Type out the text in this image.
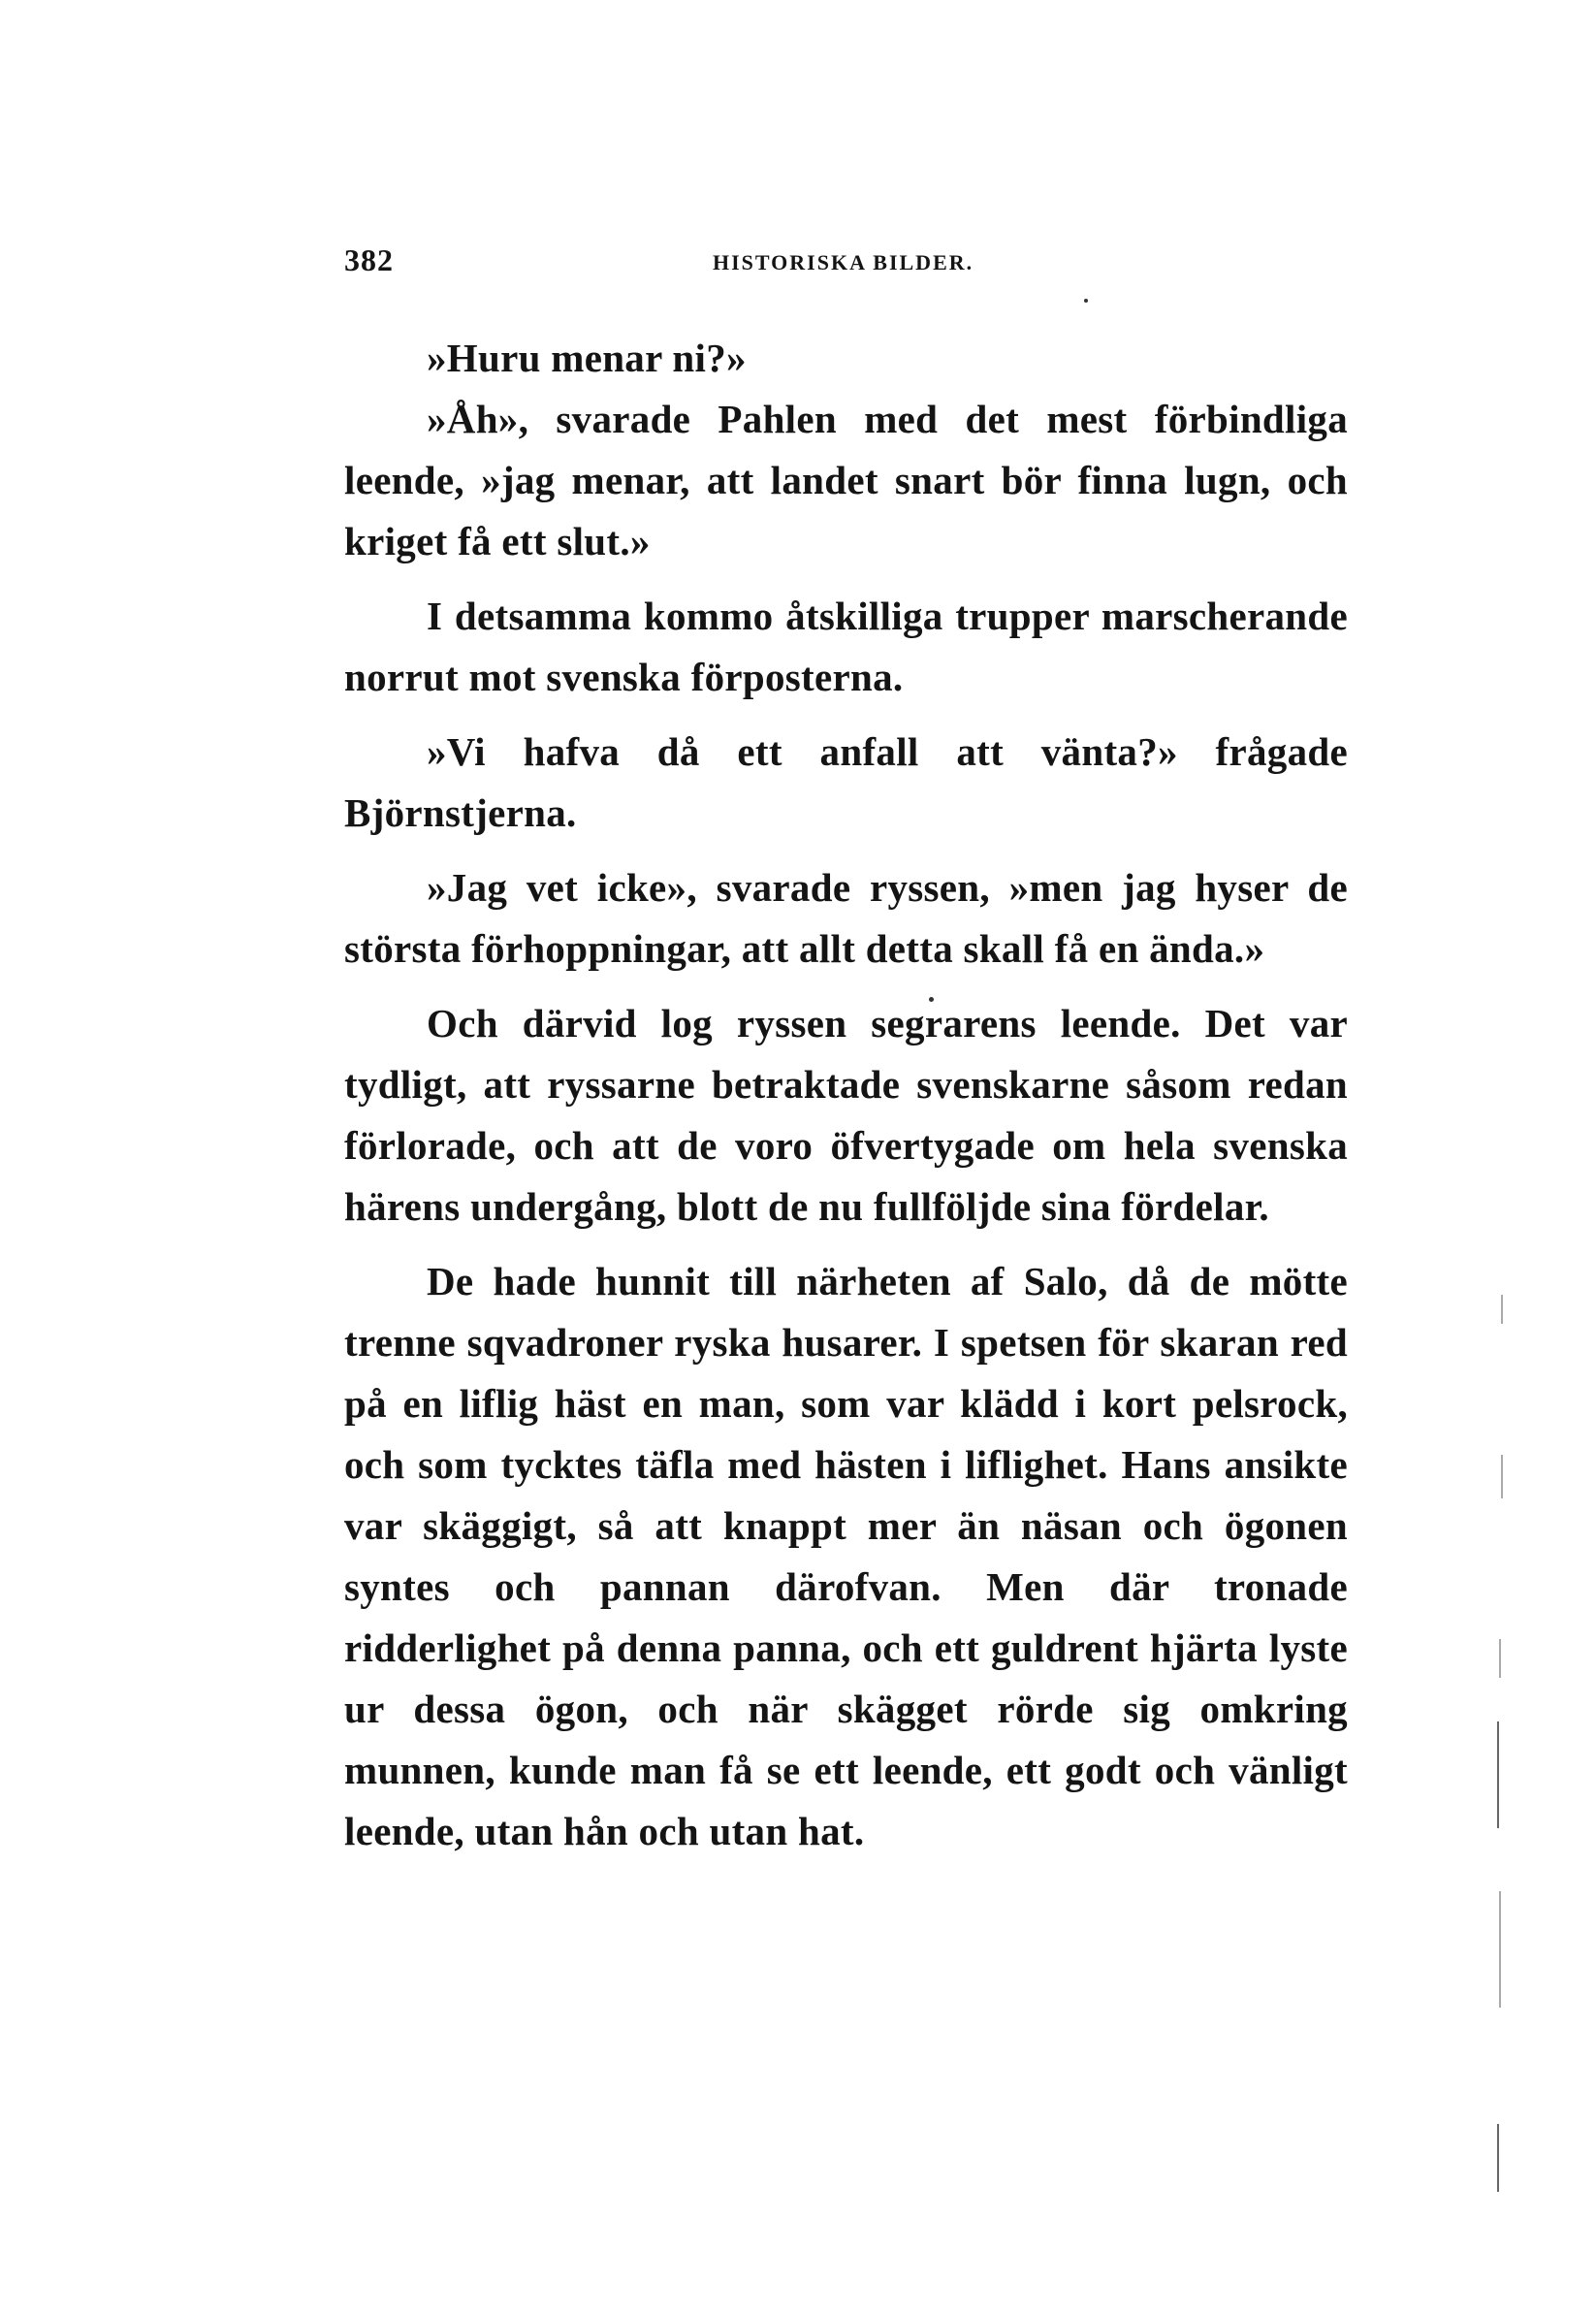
382	HISTORISKA BILDER.

»Huru menar ni?»

»Åh», svarade Pahlen med det mest förbindliga leende, »jag menar, att landet snart bör finna lugn, och kriget få ett slut.»

I detsamma kommo åtskilliga trupper marscherande norrut mot svenska förposterna.

»Vi hafva då ett anfall att vänta?» frågade Björnstjerna.

»Jag vet icke», svarade ryssen, »men jag hyser de största förhoppningar, att allt detta skall få en ända.»

Och därvid log ryssen segrarens leende. Det var tydligt, att ryssarne betraktade svenskarne såsom redan förlorade, och att de voro öfvertygade om hela svenska härens undergång, blott de nu fullföljde sina fördelar.

De hade hunnit till närheten af Salo, då de mötte trenne sqvadroner ryska husarer. I spetsen för skaran red på en liflig häst en man, som var klädd i kort pelsrock, och som tycktes täfla med hästen i liflighet. Hans ansikte var skäggigt, så att knappt mer än näsan och ögonen syntes och pannan därofvan. Men där tronade ridderlighet på denna panna, och ett guldrent hjärta lyste ur dessa ögon, och när skägget rörde sig omkring munnen, kunde man få se ett leende, ett godt och vänligt leende, utan hån och utan hat.
